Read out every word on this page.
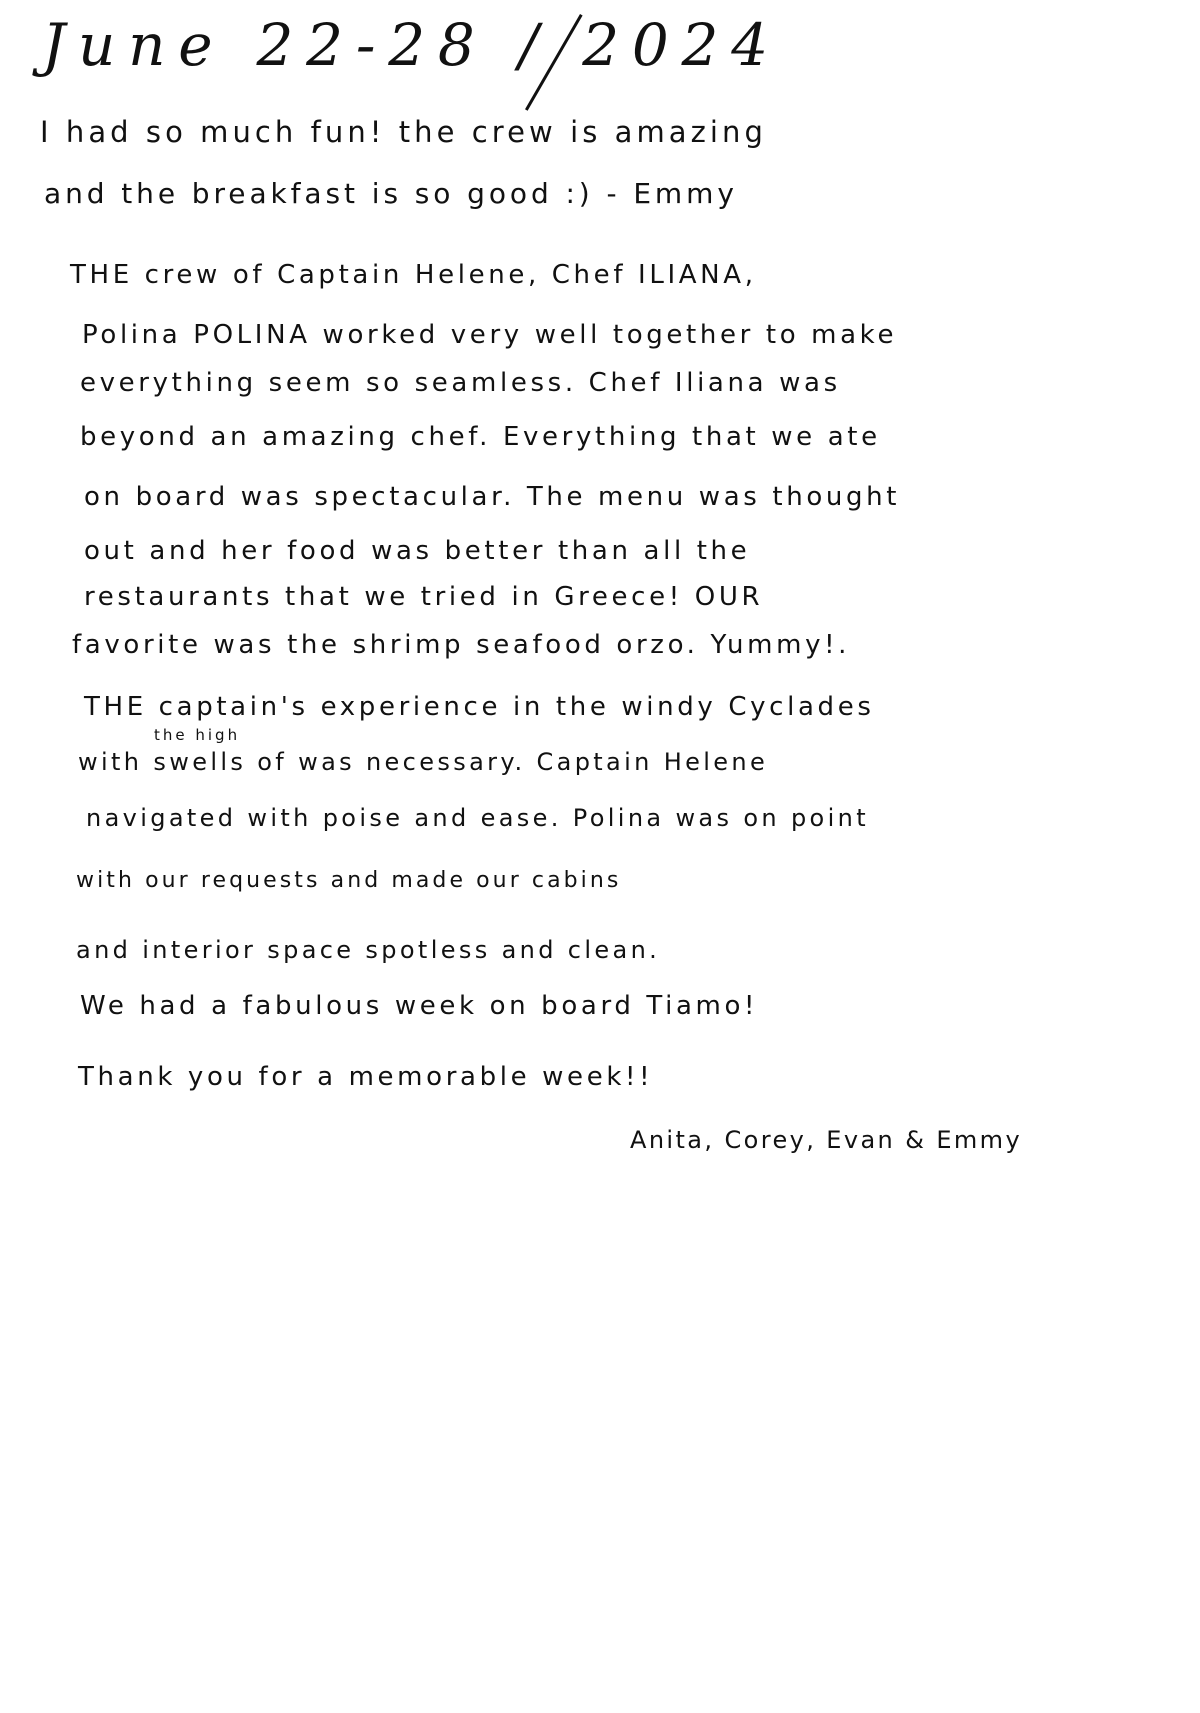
June 22-28 / 2024
I had so much fun! the crew is amazing
and the breakfast is so good :) - Emmy
THE crew of Captain Helene, Chef ILIANA,
Polina POLINA worked very well together to make
everything seem so seamless. Chef Iliana was
beyond an amazing chef. Everything that we ate
on board was spectacular. The menu was thought
out and her food was better than all the
restaurants that we tried in Greece! OUR
favorite was the shrimp seafood orzo. Yummy!.
THE captain's experience in the windy Cyclades
the high
with swells of was necessary. Captain Helene
navigated with poise and ease. Polina was on point
with our requests and made our cabins
and interior space spotless and clean.
We had a fabulous week on board Tiamo!
Thank you for a memorable week!!
Anita, Corey, Evan & Emmy
